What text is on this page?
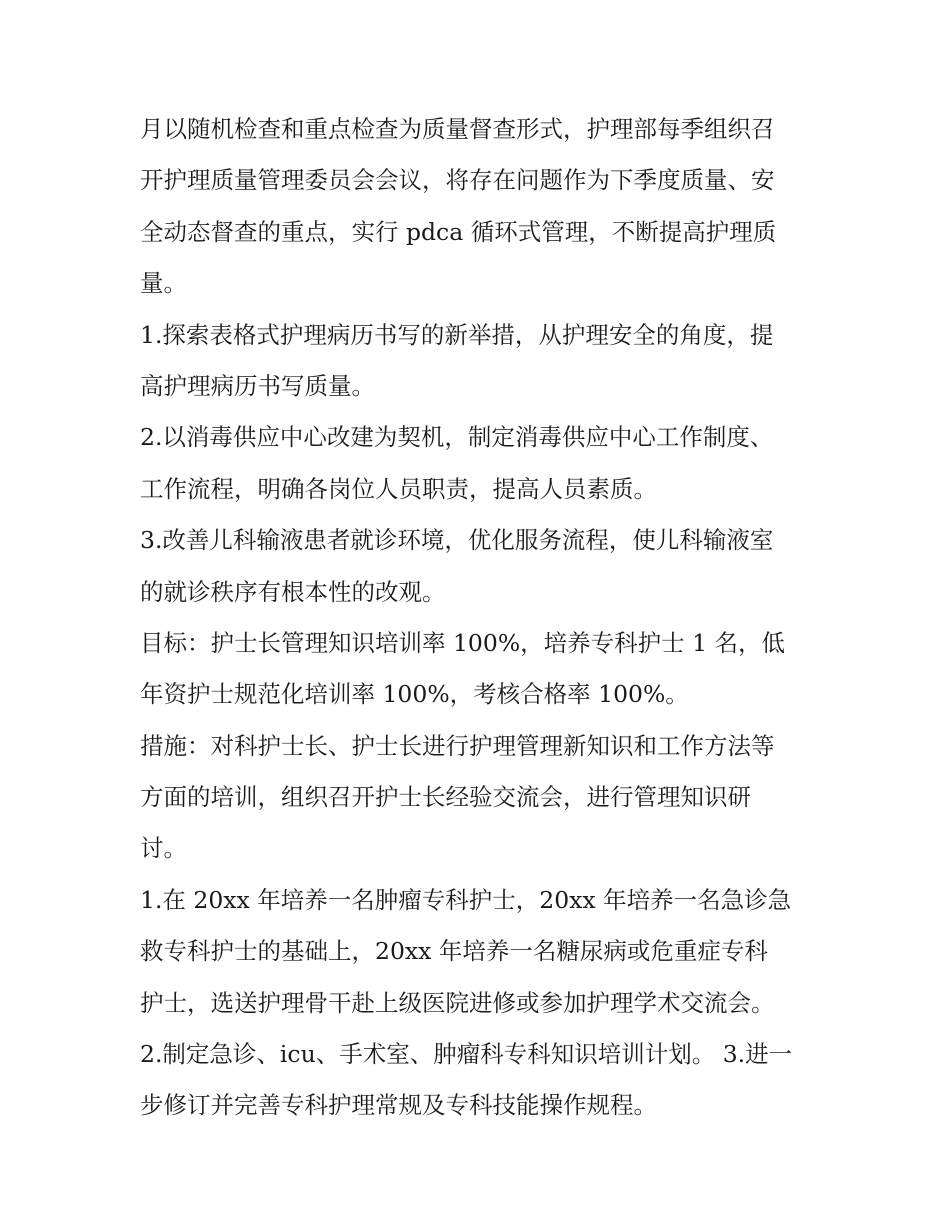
月以随机检查和重点检查为质量督查形式，护理部每季组织召
开护理质量管理委员会会议，将存在问题作为下季度质量、安
全动态督查的重点，实行 pdca 循环式管理，不断提高护理质
量。
1.探索表格式护理病历书写的新举措，从护理安全的角度，提
高护理病历书写质量。
2.以消毒供应中心改建为契机，制定消毒供应中心工作制度、
工作流程，明确各岗位人员职责，提高人员素质。
3.改善儿科输液患者就诊环境，优化服务流程，使儿科输液室
的就诊秩序有根本性的改观。
目标：护士长管理知识培训率 100%，培养专科护士 1 名，低
年资护士规范化培训率 100%，考核合格率 100%。
措施：对科护士长、护士长进行护理管理新知识和工作方法等
方面的培训，组织召开护士长经验交流会，进行管理知识研
讨。
1.在 20xx 年培养一名肿瘤专科护士，20xx 年培养一名急诊急
救专科护士的基础上，20xx 年培养一名糖尿病或危重症专科
护士，选送护理骨干赴上级医院进修或参加护理学术交流会。
2.制定急诊、icu、手术室、肿瘤科专科知识培训计划。 3.进一
步修订并完善专科护理常规及专科技能操作规程。
